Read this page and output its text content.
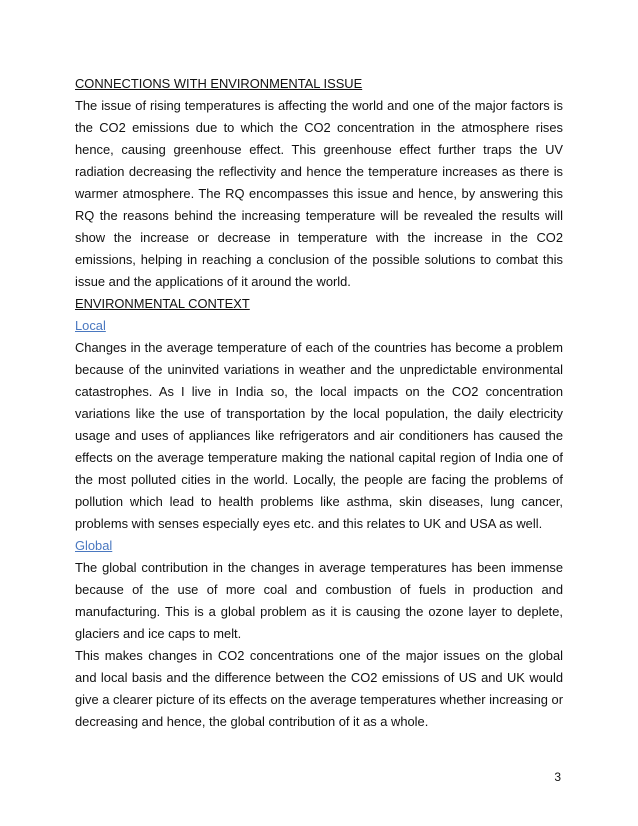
CONNECTIONS WITH ENVIRONMENTAL ISSUE

The issue of rising temperatures is affecting the world and one of the major factors is the CO2 emissions due to which the CO2 concentration in the atmosphere rises hence, causing greenhouse effect. This greenhouse effect further traps the UV radiation decreasing the reflectivity and hence the temperature increases as there is warmer atmosphere. The RQ encompasses this issue and hence, by answering this RQ the reasons behind the increasing temperature will be revealed the results will show the increase or decrease in temperature with the increase in the CO2 emissions, helping in reaching a conclusion of the possible solutions to combat this issue and the applications of it around the world.

ENVIRONMENTAL CONTEXT

Local

Changes in the average temperature of each of the countries has become a problem because of the uninvited variations in weather and the unpredictable environmental catastrophes. As I live in India so, the local impacts on the CO2 concentration variations like the use of transportation by the local population, the daily electricity usage and uses of appliances like refrigerators and air conditioners has caused the effects on the average temperature making the national capital region of India one of the most polluted cities in the world. Locally, the people are facing the problems of pollution which lead to health problems like asthma, skin diseases, lung cancer, problems with senses especially eyes etc. and this relates to UK and USA as well.

Global

The global contribution in the changes in average temperatures has been immense because of the use of more coal and combustion of fuels in production and manufacturing. This is a global problem as it is causing the ozone layer to deplete, glaciers and ice caps to melt.

This makes changes in CO2 concentrations one of the major issues on the global and local basis and the difference between the CO2 emissions of US and UK would give a clearer picture of its effects on the average temperatures whether increasing or decreasing and hence, the global contribution of it as a whole.

3
